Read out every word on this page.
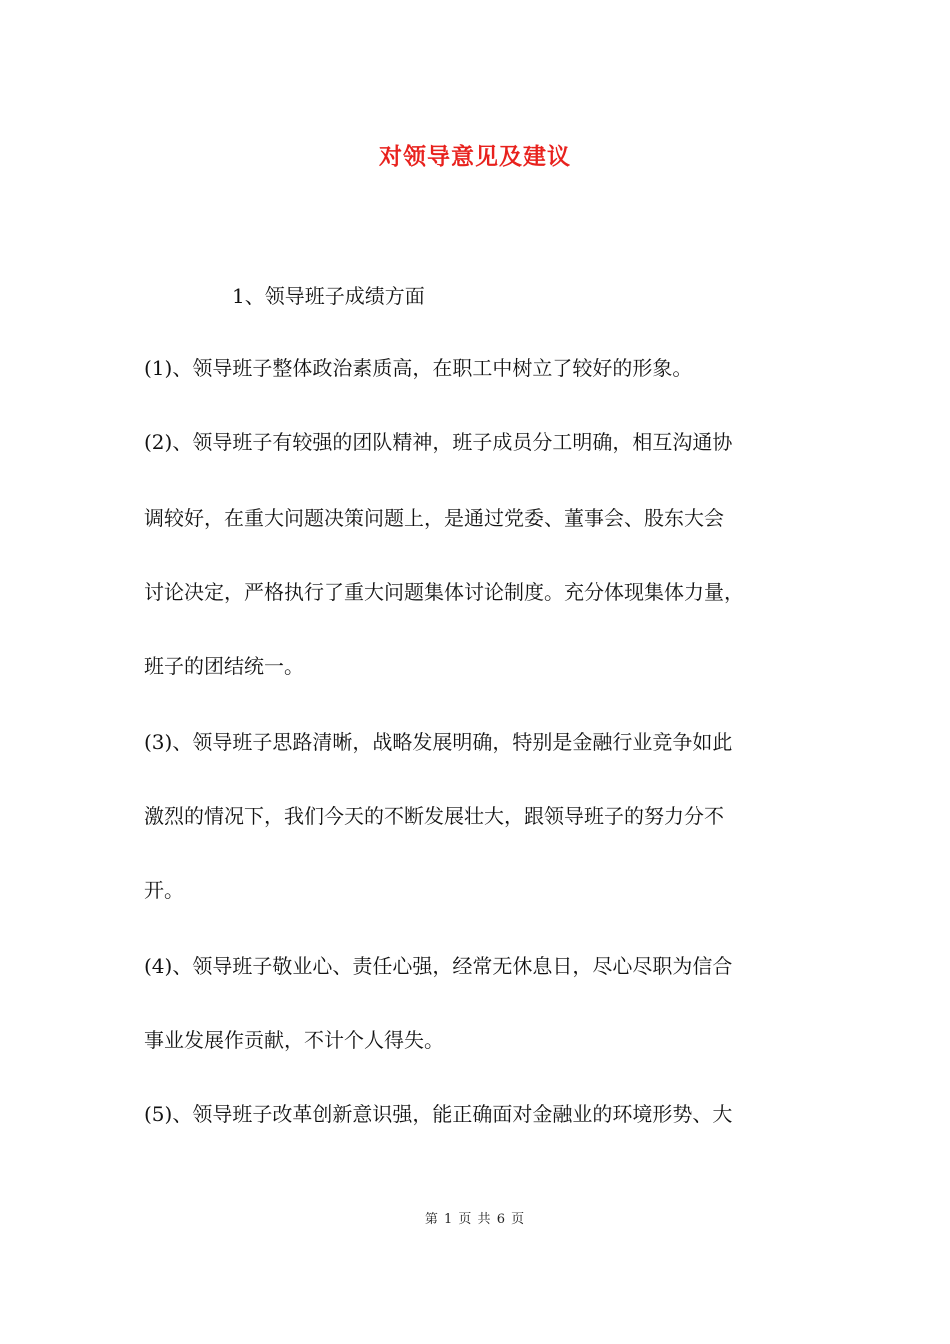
对领导意见及建议
1、领导班子成绩方面
(1)、领导班子整体政治素质高，在职工中树立了较好的形象。
(2)、领导班子有较强的团队精神，班子成员分工明确，相互沟通协
调较好，在重大问题决策问题上，是通过党委、董事会、股东大会
讨论决定，严格执行了重大问题集体讨论制度。充分体现集体力量，
班子的团结统一。
(3)、领导班子思路清晰，战略发展明确，特别是金融行业竞争如此
激烈的情况下，我们今天的不断发展壮大，跟领导班子的努力分不
开。
(4)、领导班子敬业心、责任心强，经常无休息日，尽心尽职为信合
事业发展作贡献，不计个人得失。
(5)、领导班子改革创新意识强，能正确面对金融业的环境形势、大
第 1 页 共 6 页
